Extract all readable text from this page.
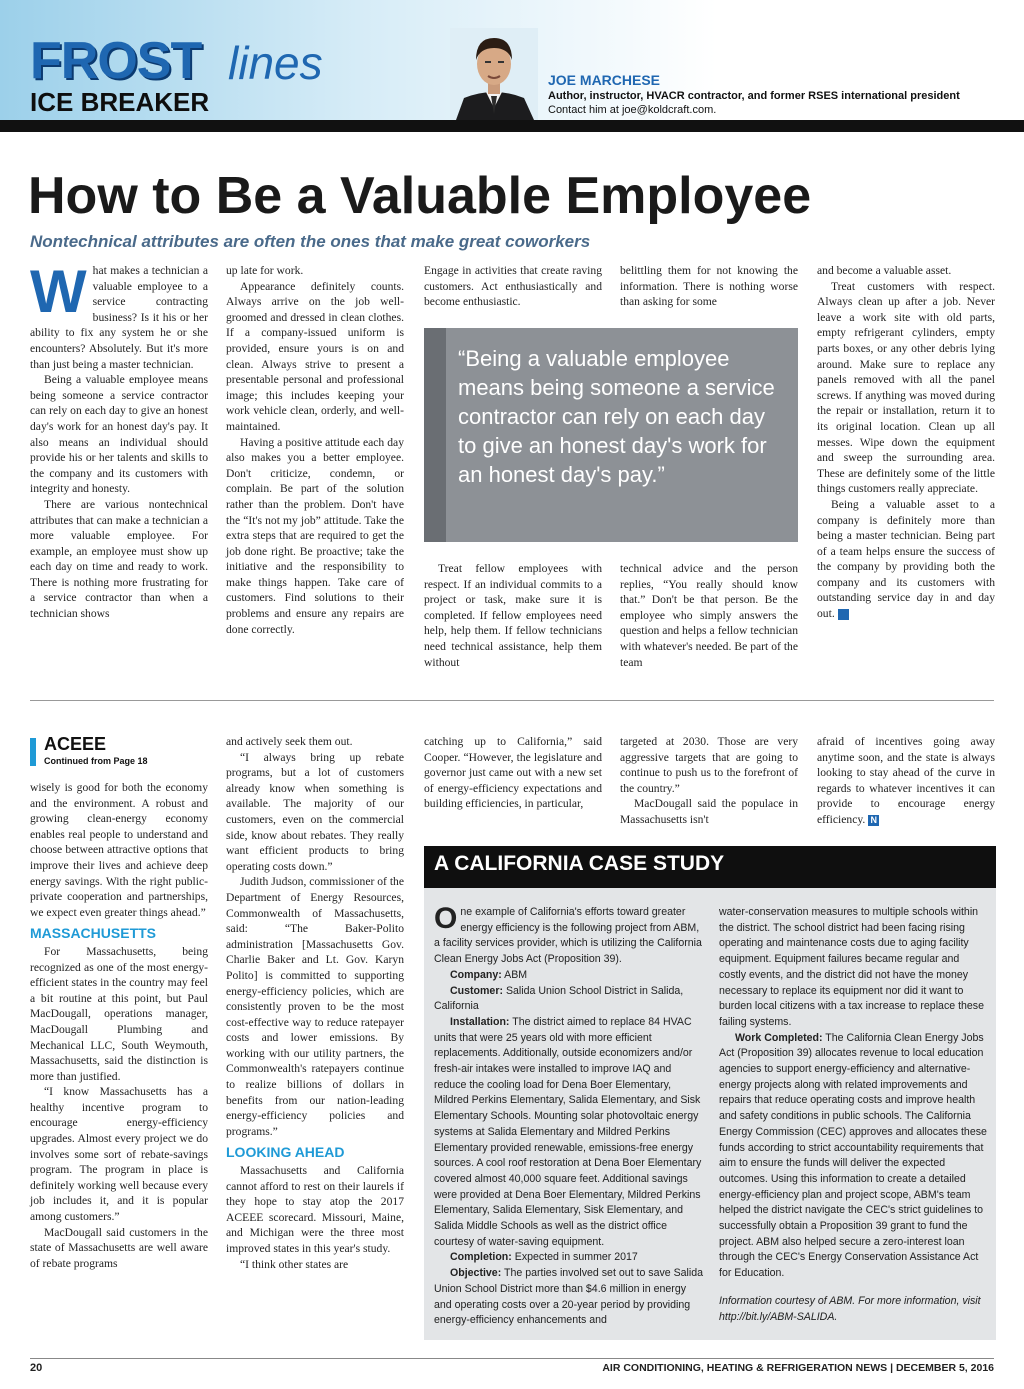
FROST lines
ICE BREAKER
JOE MARCHESE
Author, instructor, HVACR contractor, and former RSES international president
Contact him at joe@koldcraft.com.
How to Be a Valuable Employee
Nontechnical attributes are often the ones that make great coworkers
W hat makes a technician a valuable employee to a service contracting business? Is it his or her ability to fix any system he or she encounters? Absolutely. But it's more than just being a master technician.

Being a valuable employee means being someone a service contractor can rely on each day to give an honest day's work for an honest day's pay. It also means an individual should provide his or her talents and skills to the company and its customers with integrity and honesty.

There are various nontechnical attributes that can make a technician a more valuable employee. For example, an employee must show up each day on time and ready to work. There is nothing more frustrating for a service contractor than when a technician shows

up late for work.

Appearance definitely counts. Always arrive on the job well-groomed and dressed in clean clothes. If a company-issued uniform is provided, ensure yours is on and clean. Always strive to present a presentable personal and professional image; this includes keeping your work vehicle clean, orderly, and well-maintained.

Having a positive attitude each day also makes you a better employee. Don't criticize, condemn, or complain. Be part of the solution rather than the problem. Don't have the “It's not my job” attitude. Take the extra steps that are required to get the job done right. Be proactive; take the initiative and the responsibility to make things happen. Take care of customers. Find solutions to their problems and ensure any repairs are done correctly.

Engage in activities that create raving customers. Act enthusiastically and become enthusiastic.

belittling them for not knowing the information. There is nothing worse than asking for some

“Being a valuable employee means being someone a service contractor can rely on each day to give an honest day's work for an honest day's pay.”

Treat fellow employees with respect. If an individual commits to a project or task, make sure it is completed. If fellow employees need help, help them. If fellow technicians need technical assistance, help them without

technical advice and the person replies, “You really should know that.” Don't be that person. Be the employee who simply answers the question and helps a fellow technician with whatever's needed. Be part of the team

and become a valuable asset.

Treat customers with respect. Always clean up after a job. Never leave a work site with old parts, empty refrigerant cylinders, empty parts boxes, or any other debris lying around. Make sure to replace any panels removed with all the panel screws. If anything was moved during the repair or installation, return it to its original location. Clean up all messes. Wipe down the equipment and sweep the surrounding area. These are definitely some of the little things customers really appreciate.

Being a valuable asset to a company is definitely more than being a master technician. Being part of a team helps ensure the success of the company by providing both the company and its customers with outstanding service day in and day out. N

ACEEE
Continued from Page 18

wisely is good for both the economy and the environment. A robust and growing clean-energy economy enables real people to understand and choose between attractive options that improve their lives and achieve deep energy savings. With the right public-private cooperation and partnerships, we expect even greater things ahead.”

MASSACHUSETTS

For Massachusetts, being recognized as one of the most energy-efficient states in the country may feel a bit routine at this point, but Paul MacDougall, operations manager, MacDougall Plumbing and Mechanical LLC, South Weymouth, Massachusetts, said the distinction is more than justified.

“I know Massachusetts has a healthy incentive program to encourage energy-efficiency upgrades. Almost every project we do involves some sort of rebate-savings program. The program in place is definitely working well because every job includes it, and it is popular among customers.”

MacDougall said customers in the state of Massachusetts are well aware of rebate programs

and actively seek them out.

“I always bring up rebate programs, but a lot of customers already know when something is available. The majority of our customers, even on the commercial side, know about rebates. They really want efficient products to bring operating costs down.”

Judith Judson, commissioner of the Department of Energy Resources, Commonwealth of Massachusetts, said: “The Baker-Polito administration [Massachusetts Gov. Charlie Baker and Lt. Gov. Karyn Polito] is committed to supporting energy-efficiency policies, which are consistently proven to be the most cost-effective way to reduce ratepayer costs and lower emissions. By working with our utility partners, the Commonwealth's ratepayers continue to realize billions of dollars in benefits from our nation-leading energy-efficiency policies and programs.”

LOOKING AHEAD

Massachusetts and California cannot afford to rest on their laurels if they hope to stay atop the 2017 ACEEE scorecard. Missouri, Maine, and Michigan were the three most improved states in this year's study.

“I think other states are

catching up to California,” said Cooper. “However, the legislature and governor just came out with a new set of energy-efficiency expectations and building efficiencies, in particular,

targeted at 2030. Those are very aggressive targets that are going to continue to push us to the forefront of the country.”

MacDougall said the populace in Massachusetts isn't

afraid of incentives going away anytime soon, and the state is always looking to stay ahead of the curve in regards to whatever incentives it can provide to encourage energy efficiency. N

A CALIFORNIA CASE STUDY

One example of California's efforts toward greater energy efficiency is the following project from ABM, a facility services provider, which is utilizing the California Clean Energy Jobs Act (Proposition 39).

Company: ABM

Customer: Salida Union School District in Salida, California

Installation: The district aimed to replace 84 HVAC units that were 25 years old with more efficient replacements. Additionally, outside economizers and/or fresh-air intakes were installed to improve IAQ and reduce the cooling load for Dena Boer Elementary, Mildred Perkins Elementary, Salida Elementary, and Sisk Elementary Schools. Mounting solar photovoltaic energy systems at Salida Elementary and Mildred Perkins Elementary provided renewable, emissions-free energy sources. A cool roof restoration at Dena Boer Elementary covered almost 40,000 square feet. Additional savings were provided at Dena Boer Elementary, Mildred Perkins Elementary, Salida Elementary, Sisk Elementary, and Salida Middle Schools as well as the district office courtesy of water-saving equipment.

Completion: Expected in summer 2017

Objective: The parties involved set out to save Salida Union School District more than $4.6 million in energy and operating costs over a 20-year period by providing energy-efficiency enhancements and

water-conservation measures to multiple schools within the district. The school district had been facing rising operating and maintenance costs due to aging facility equipment. Equipment failures became regular and costly events, and the district did not have the money necessary to replace its equipment nor did it want to burden local citizens with a tax increase to replace these failing systems.

Work Completed: The California Clean Energy Jobs Act (Proposition 39) allocates revenue to local education agencies to support energy-efficiency and alternative-energy projects along with related improvements and repairs that reduce operating costs and improve health and safety conditions in public schools. The California Energy Commission (CEC) approves and allocates these funds according to strict accountability requirements that aim to ensure the funds will deliver the expected outcomes. Using this information to create a detailed energy-efficiency plan and project scope, ABM's team helped the district navigate the CEC's strict guidelines to successfully obtain a Proposition 39 grant to fund the project. ABM also helped secure a zero-interest loan through the CEC's Energy Conservation Assistance Act for Education.

Information courtesy of ABM. For more information, visit http://bit.ly/ABM-SALIDA.

20	AIR CONDITIONING, HEATING & REFRIGERATION NEWS | DECEMBER 5, 2016
